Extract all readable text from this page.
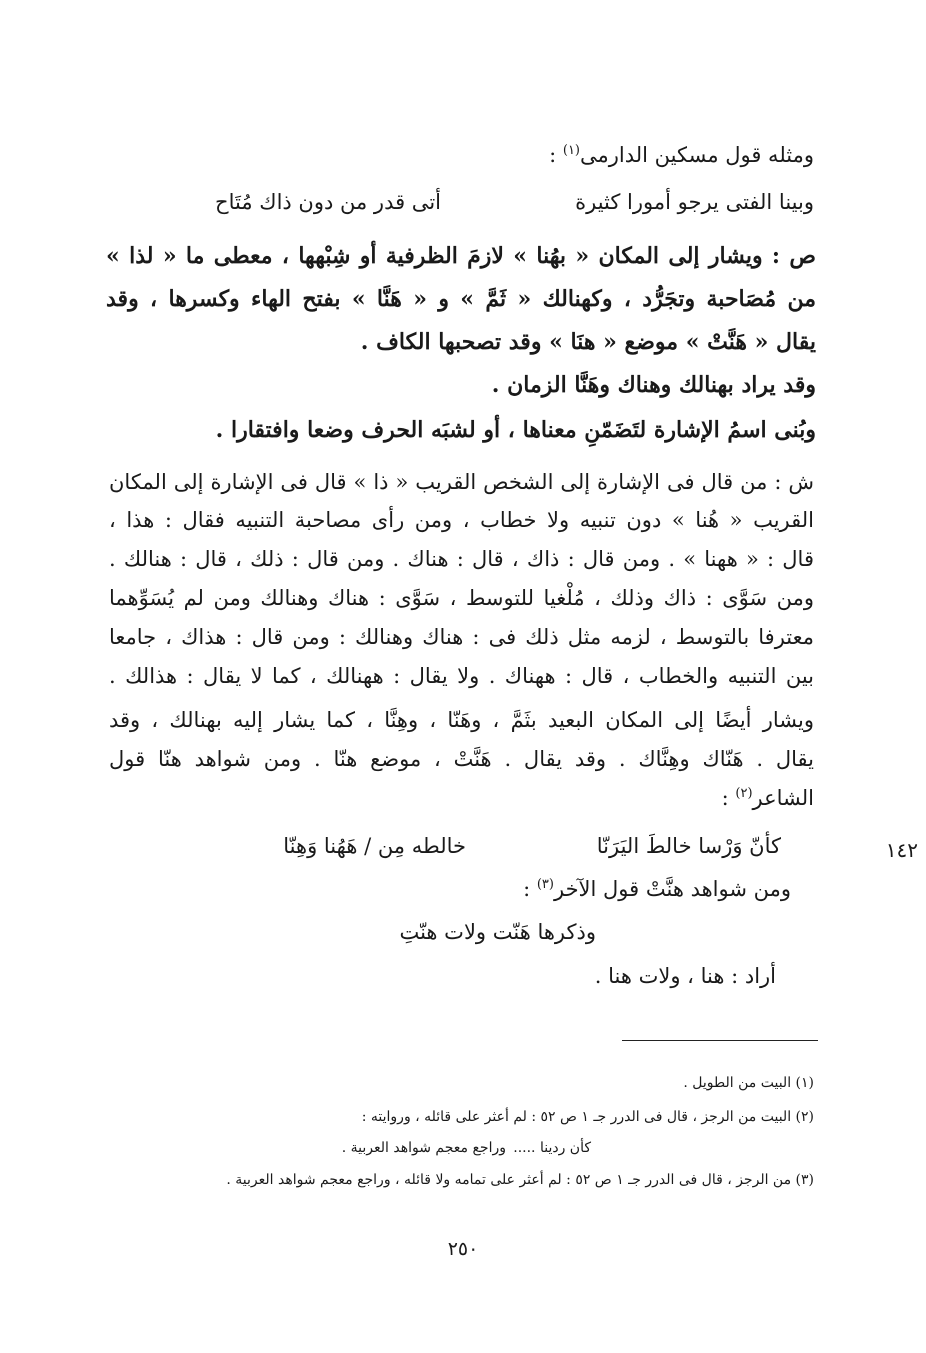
ومثله قول مسكين الدارمى$^{(١)}$ :
وبينا الفتى يرجو أمورا كثيرة
أتى قدر من دون ذاك مُتَاح
ص : ويشار إلى المكان « بهُنا » لازمَ الظرفية أو شِبْهها ، معطى ما « لذا »
من مُصَاحبة وتجَرُّد ، وكهنالك « ثَمَّ » و « هَنَّا » بفتح الهاء وكسرها ، وقد
يقال « هَنَّتْ » موضع « هنَا » وقد تصحبها الكاف .
وقد يراد بهنالك وهناك وهَنَّا الزمان .
وبُنى اسمُ الإشارة لتَضَمّنِ معناها ، أو لشبَه الحرف وضعا وافتقارا .
ش : من قال فى الإشارة إلى الشخص القريب « ذا » قال فى الإشارة إلى المكان
القريب « هُنا » دون تنبيه ولا خطاب ، ومن رأى مصاحبة التنبيه فقال : هذا ،
قال : « ههنا » . ومن قال : ذاك ، قال : هناك . ومن قال : ذلك ، قال : هنالك .
ومن سَوَّى : ذاك وذلك ، مُلْغيا للتوسط ، سَوَّى : هناك وهنالك ومن لم يُسَوِّهما
معترفا بالتوسط ، لزمه مثل ذلك فى : هناك وهنالك : ومن قال : هذاك ، جامعا
بين التنبيه والخطاب ، قال : ههناك . ولا يقال : ههنالك ، كما لا يقال : هذالك .
ويشار أيضًا إلى المكان البعيد بثَمَّ ، وهَنّا ، وهِنَّا ، كما يشار إليه بهنالك ، وقد
يقال . هَنّاك وهِنَّاك . وقد يقال . هَنَّتْ ، موضع هنّا . ومن شواهد هنّا قول
الشاعر$^{(٢)}$ :
١٤٢
كأنّ وَرْسا خالطَ اليَرَنّا
خالطه مِن / هَهُنا وَهِنّا
ومن شواهد هنَّتْ قول الآخر$^{(٣)}$ :
وذكرها هَنّت ولات هنّتِ
أراد : هنا ، ولات هنا .
(١) البيت من الطويل .
(٢) البيت من الرجز ، قال فى الدرر جـ ١ ص ٥٢ : لم أعثر على قائله ، وروايته :
كأن ردينا .....
وراجع معجم شواهد العربية .
(٣) من الرجز ، قال فى الدرر جـ ١ ص ٥٢ : لم أعثر على تمامه ولا قائله ، وراجع معجم شواهد العربية .
٢٥٠
